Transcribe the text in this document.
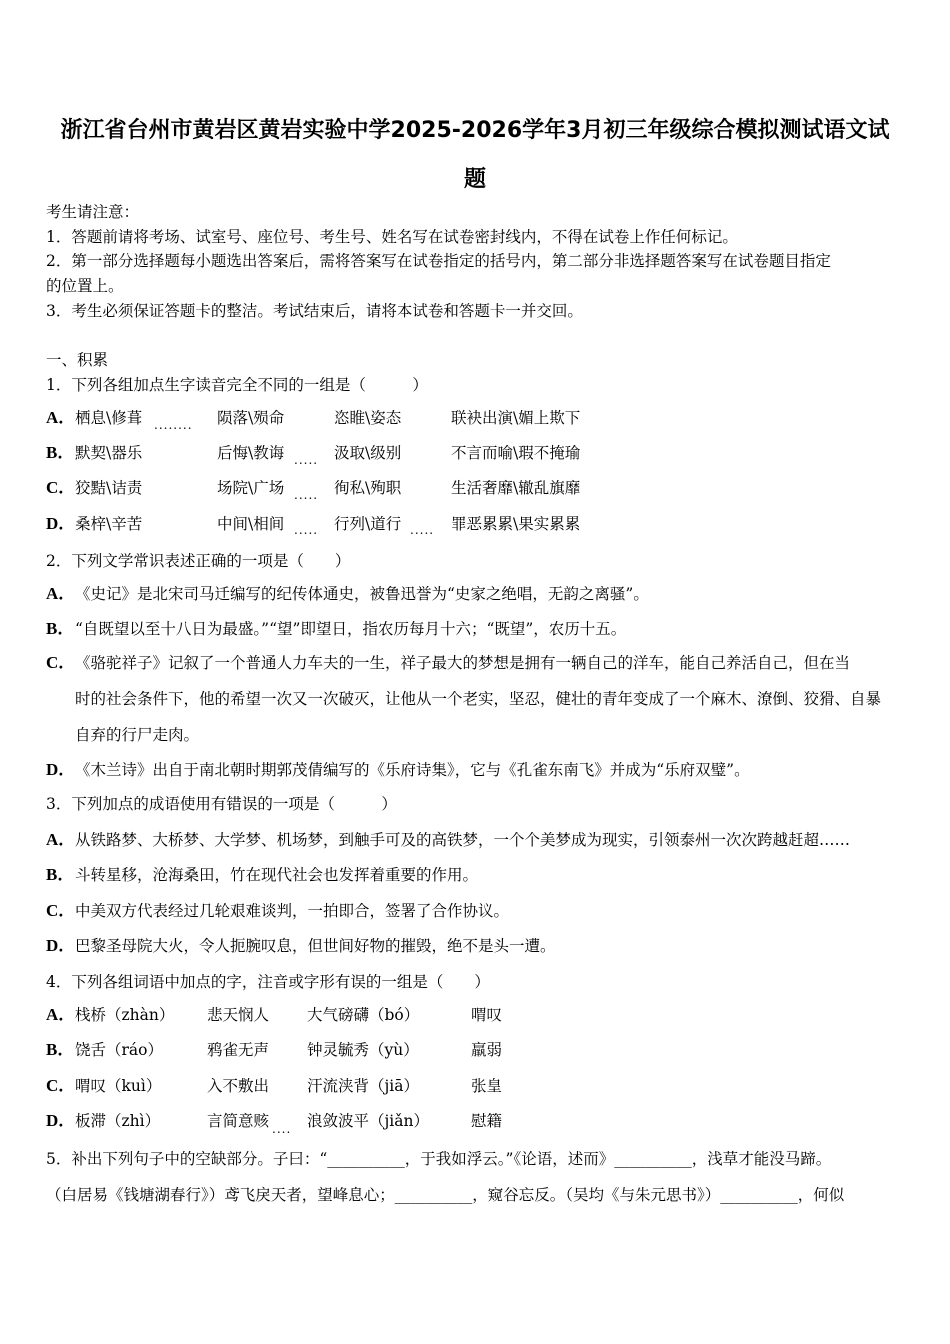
浙江省台州市黄岩区黄岩实验中学2025-2026学年3月初三年级综合模拟测试语文试
题
考生请注意：
1．答题前请将考场、试室号、座位号、考生号、姓名写在试卷密封线内，不得在试卷上作任何标记。
2．第一部分选择题每小题选出答案后，需将答案写在试卷指定的括号内，第二部分非选择题答案写在试卷题目指定
的位置上。
3．考生必须保证答题卡的整洁。考试结束后，请将本试卷和答题卡一并交回。
一、积累
1．下列各组加点生字读音完全不同的一组是（　　　）
A． 栖息\修葺	陨落\殒命	恣睢\姿态	联袂出演\媚上欺下
B． 默契\器乐	后悔\教诲	汲取\级别	不言而喻\瑕不掩瑜
C． 狡黠\诘责	场院\广场	徇私\殉职	生活奢靡\辙乱旗靡
D． 桑梓\辛苦	中间\相间	行列\道行	罪恶累累\果实累累
........
.....
.....
.....	.....
2．下列文学常识表述正确的一项是（　　）
A． 《史记》是北宋司马迁编写的纪传体通史，被鲁迅誉为“史家之绝唱，无韵之离骚”。
B． “自既望以至十八日为最盛。”“望”即望日，指农历每月十六；“既望”，农历十五。
C． 《骆驼祥子》记叙了一个普通人力车夫的一生，祥子最大的梦想是拥有一辆自己的洋车，能自己养活自己，但在当
时的社会条件下，他的希望一次又一次破灭，让他从一个老实，坚忍，健壮的青年变成了一个麻木、潦倒、狡猾、自暴
自弃的行尸走肉。
D． 《木兰诗》出自于南北朝时期郭茂倩编写的《乐府诗集》，它与《孔雀东南飞》并成为“乐府双璧”。
3．下列加点的成语使用有错误的一项是（　　　）
A． 从铁路梦、大桥梦、大学梦、机场梦，到触手可及的高铁梦，一个个美梦成为现实，引领泰州一次次跨越赶超……
B． 斗转星移，沧海桑田，竹在现代社会也发挥着重要的作用。
C． 中美双方代表经过几轮艰难谈判，一拍即合，签署了合作协议。
D． 巴黎圣母院大火，令人扼腕叹息，但世间好物的摧毁，绝不是头一遭。
4．下列各组词语中加点的字，注音或字形有误的一组是（　　）
A． 栈桥（zhàn） 悲天悯人 大气磅礴（bó）	喟叹
B． 饶舌（ráo）	鸦雀无声 钟灵毓秀（yù）	羸弱
C． 喟叹（kuì）	入不敷出 汗流浃背（jiā）	张皇
D． 板滞（zhì）	言简意赅 浪敛波平（jiǎn）	慰籍
....
5．补出下列句子中的空缺部分。子曰：“__________，于我如浮云。”《论语，述而》__________，浅草才能没马蹄。
（白居易《钱塘湖春行》）鸢飞戾天者，望峰息心；__________，窥谷忘反。（吴均《与朱元思书》）__________，何似
